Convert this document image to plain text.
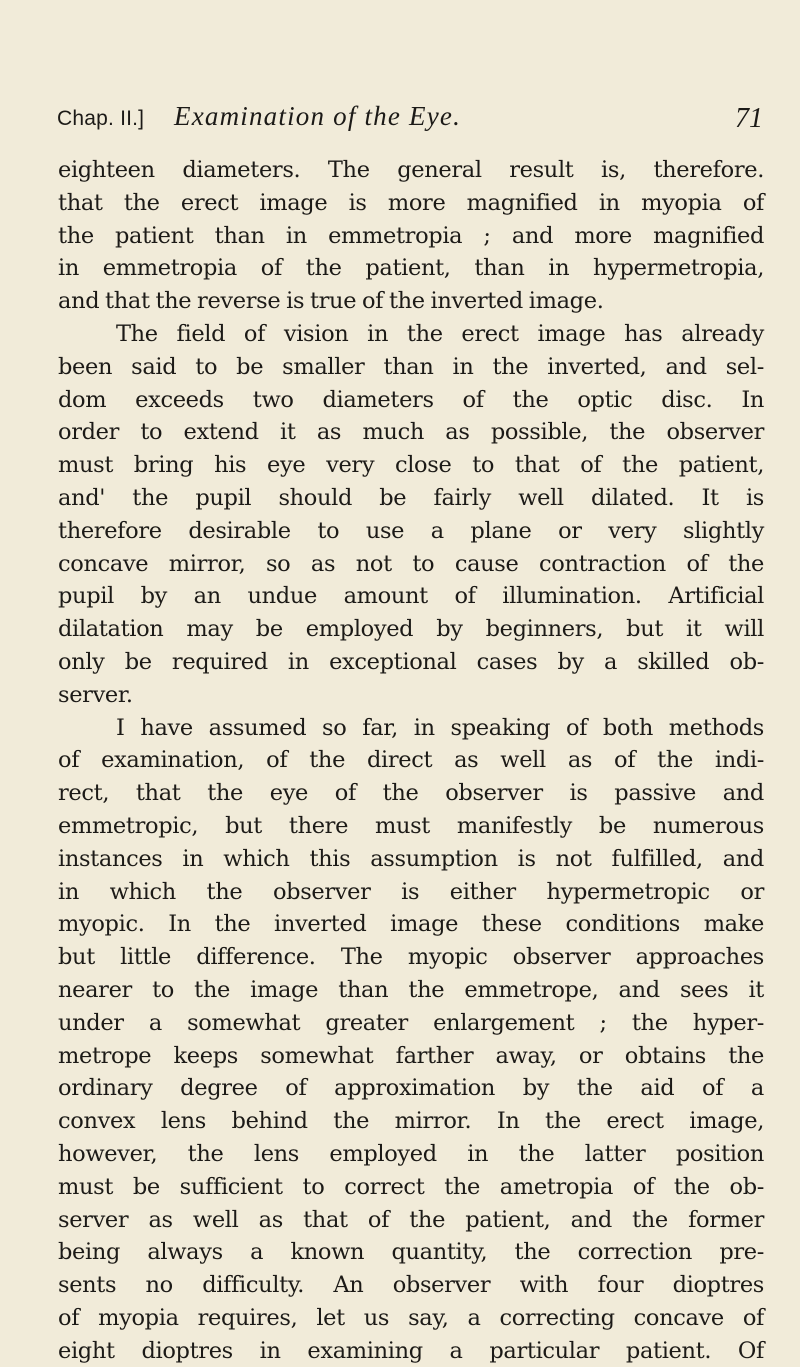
Chap. II.] Examination of the Eye.	71
eighteen diameters. The general result is, therefore.
that the erect image is more magnified in myopia of
the patient than in emmetropia ; and more magnified
in emmetropia of the patient, than in hypermetropia,
and that the reverse is true of the inverted image.
The field of vision in the erect image has already
been said to be smaller than in the inverted, and sel-
dom exceeds two diameters of the optic disc. In
order to extend it as much as possible, the observer
must bring his eye very close to that of the patient,
and' the pupil should be fairly well dilated. It is
therefore desirable to use a plane or very slightly
concave mirror, so as not to cause contraction of the
pupil by an undue amount of illumination. Artificial
dilatation may be employed by beginners, but it will
only be required in exceptional cases by a skilled ob-
server.
I have assumed so far, in speaking of both methods
of examination, of the direct as well as of the indi-
rect, that the eye of the observer is passive and
emmetropic, but there must manifestly be numerous
instances in which this assumption is not fulfilled, and
in which the observer is either hypermetropic or
myopic. In the inverted image these conditions make
but little difference. The myopic observer approaches
nearer to the image than the emmetrope, and sees it
under a somewhat greater enlargement ; the hyper-
metrope keeps somewhat farther away, or obtains the
ordinary degree of approximation by the aid of a
convex lens behind the mirror. In the erect image,
however, the lens employed in the latter position
must be sufficient to correct the ametropia of the ob-
server as well as that of the patient, and the former
being always a known quantity, the correction pre-
sents no difficulty. An observer with four dioptres
of myopia requires, let us say, a correcting concave of
eight dioptres in examining a particular patient. Of
